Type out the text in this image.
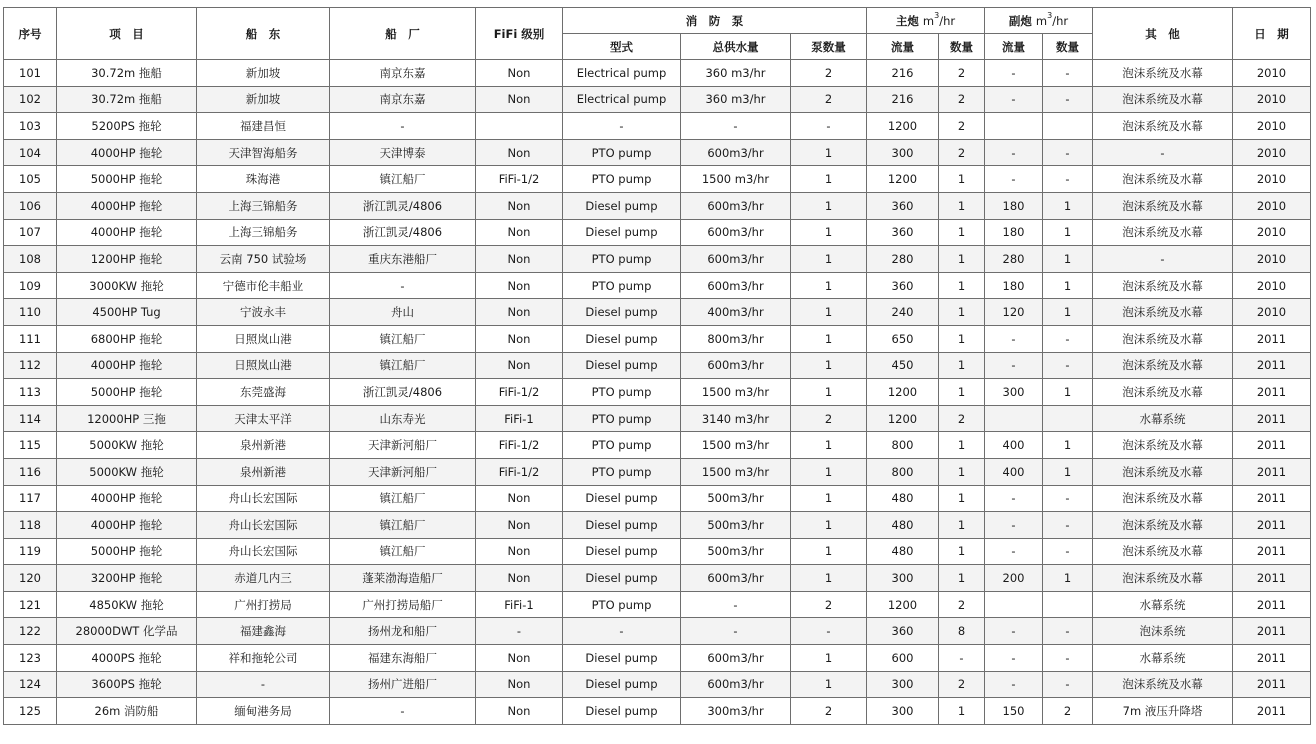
序号	项　目	船　东	船　厂	FiFi 级别	消　防　泵			主炮 $m^3/hr$		副炮 $m^3/hr$		其　他	日　期
					型式	总供水量	泵数量	流量	数量	流量	数量		
101	30.72m 拖船	新加坡	南京东嘉	Non	Electrical pump	360 m3/hr	2	216	2	-	-	泡沫系统及水幕	2010
102	30.72m 拖船	新加坡	南京东嘉	Non	Electrical pump	360 m3/hr	2	216	2	-	-	泡沫系统及水幕	2010
103	5200PS 拖轮	福建昌恒	-		-	-	-	1200	2			泡沫系统及水幕	2010
104	4000HP 拖轮	天津智海船务	天津博泰	Non	PTO pump	600m3/hr	1	300	2	-	-	-	2010
105	5000HP 拖轮	珠海港	镇江船厂	FiFi-1/2	PTO pump	1500 m3/hr	1	1200	1	-	-	泡沫系统及水幕	2010
106	4000HP 拖轮	上海三锦船务	浙江凯灵/4806	Non	Diesel pump	600m3/hr	1	360	1	180	1	泡沫系统及水幕	2010
107	4000HP 拖轮	上海三锦船务	浙江凯灵/4806	Non	Diesel pump	600m3/hr	1	360	1	180	1	泡沫系统及水幕	2010
108	1200HP 拖轮	云南 750 试验场	重庆东港船厂	Non	PTO pump	600m3/hr	1	280	1	280	1	-	2010
109	3000KW 拖轮	宁德市伦丰船业	-	Non	PTO pump	600m3/hr	1	360	1	180	1	泡沫系统及水幕	2010
110	4500HP Tug	宁波永丰	舟山	Non	Diesel pump	400m3/hr	1	240	1	120	1	泡沫系统及水幕	2010
111	6800HP 拖轮	日照岚山港	镇江船厂	Non	Diesel pump	800m3/hr	1	650	1	-	-	泡沫系统及水幕	2011
112	4000HP 拖轮	日照岚山港	镇江船厂	Non	Diesel pump	600m3/hr	1	450	1	-	-	泡沫系统及水幕	2011
113	5000HP 拖轮	东莞盛海	浙江凯灵/4806	FiFi-1/2	PTO pump	1500 m3/hr	1	1200	1	300	1	泡沫系统及水幕	2011
114	12000HP 三拖	天津太平洋	山东寿光	FiFi-1	PTO pump	3140 m3/hr	2	1200	2			水幕系统	2011
115	5000KW 拖轮	泉州新港	天津新河船厂	FiFi-1/2	PTO pump	1500 m3/hr	1	800	1	400	1	泡沫系统及水幕	2011
116	5000KW 拖轮	泉州新港	天津新河船厂	FiFi-1/2	PTO pump	1500 m3/hr	1	800	1	400	1	泡沫系统及水幕	2011
117	4000HP 拖轮	舟山长宏国际	镇江船厂	Non	Diesel pump	500m3/hr	1	480	1	-	-	泡沫系统及水幕	2011
118	4000HP 拖轮	舟山长宏国际	镇江船厂	Non	Diesel pump	500m3/hr	1	480	1	-	-	泡沫系统及水幕	2011
119	5000HP 拖轮	舟山长宏国际	镇江船厂	Non	Diesel pump	500m3/hr	1	480	1	-	-	泡沫系统及水幕	2011
120	3200HP 拖轮	赤道几内三	蓬莱渤海造船厂	Non	Diesel pump	600m3/hr	1	300	1	200	1	泡沫系统及水幕	2011
121	4850KW 拖轮	广州打捞局	广州打捞局船厂	FiFi-1	PTO pump	-	2	1200	2			水幕系统	2011
122	28000DWT 化学品	福建鑫海	扬州龙和船厂	-	-	-	-	360	8	-	-	泡沫系统	2011
123	4000PS 拖轮	祥和拖轮公司	福建东海船厂	Non	Diesel pump	600m3/hr	1	600	-	-	-	水幕系统	2011
124	3600PS 拖轮	-	扬州广进船厂	Non	Diesel pump	600m3/hr	1	300	2	-	-	泡沫系统及水幕	2011
125	26m 消防船	缅甸港务局	-	Non	Diesel pump	300m3/hr	2	300	1	150	2	7m 液压升降塔	2011
